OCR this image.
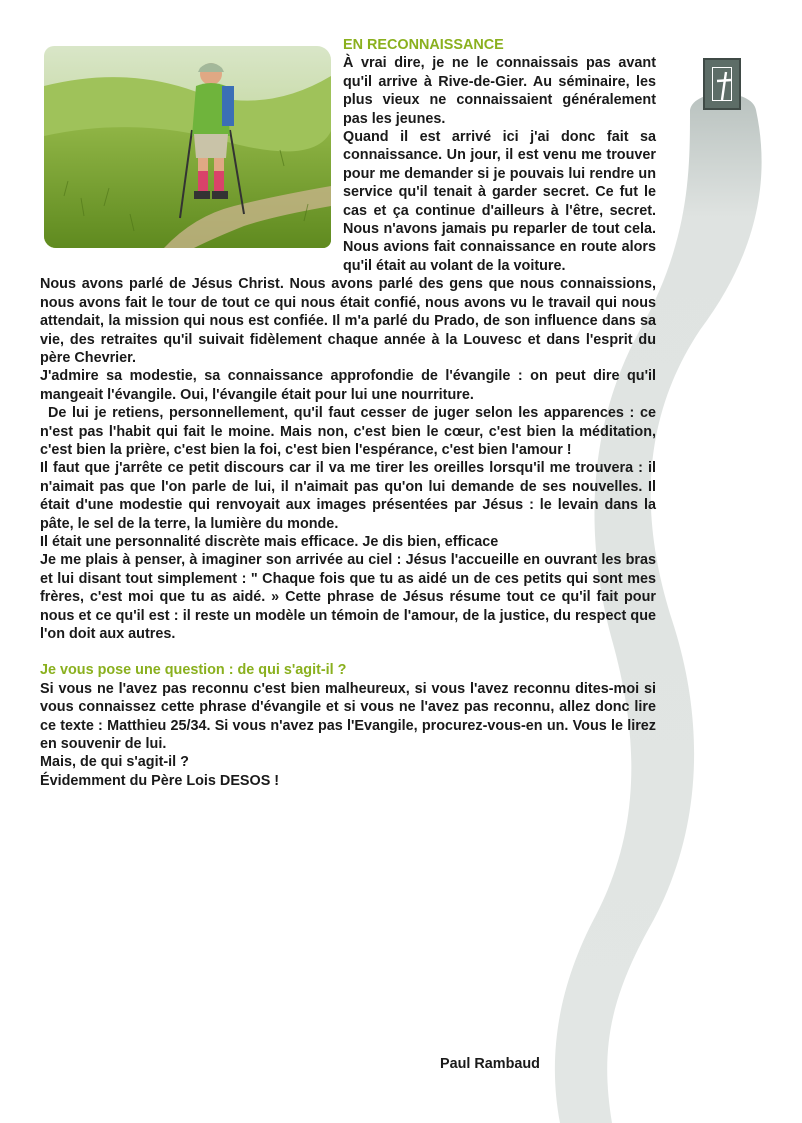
EN RECONNAISSANCE

À vrai dire, je ne le connaissais pas avant qu'il arrive à Rive-de-Gier. Au séminaire, les plus vieux ne connaissaient généralement pas les jeunes.

Quand il est arrivé ici j'ai donc fait sa connaissance. Un jour, il est venu me trouver pour me demander si je pouvais lui rendre un service qu'il tenait à garder secret. Ce fut le cas et ça continue d'ailleurs à l'être, secret. Nous n'avons jamais pu reparler de tout cela. Nous avions fait connaissance en route alors qu'il était au volant de la voiture.

Nous avons parlé de Jésus Christ. Nous avons parlé des gens que nous connaissions, nous avons fait le tour de tout ce qui nous était confié, nous avons vu le travail qui nous attendait, la mission qui nous est confiée. Il m'a parlé du Prado, de son influence dans sa vie, des retraites qu'il suivait fidèlement chaque année à la Louvesc et dans l'esprit du père Chevrier.

J'admire sa modestie, sa connaissance approfondie de l'évangile : on peut dire qu'il mangeait l'évangile. Oui, l'évangile était pour lui une nourriture.

De lui je retiens, personnellement, qu'il faut cesser de juger selon les apparences : ce n'est pas l'habit qui fait le moine. Mais non, c'est bien le cœur, c'est bien la méditation, c'est bien la prière, c'est bien la foi, c'est bien l'espérance, c'est bien l'amour !

Il faut que j'arrête ce petit discours car il va me tirer les oreilles lorsqu'il me trouvera : il n'aimait pas que l'on parle de lui, il n'aimait pas qu'on lui demande de ses nouvelles. Il était d'une modestie qui renvoyait aux images présentées par Jésus : le levain dans la pâte, le sel de la terre, la lumière du monde.

Il était une personnalité discrète mais efficace. Je dis bien, efficace

Je me plais à penser, à imaginer son arrivée au ciel : Jésus l'accueille en ouvrant les bras et lui disant tout simplement : " Chaque fois que tu as aidé un de ces petits qui sont mes frères, c'est moi que tu as aidé. » Cette phrase de Jésus résume tout ce qu'il fait pour nous et ce qu'il est : il reste un modèle un témoin de l'amour, de la justice, du respect que l'on doit aux autres.

Je vous pose une question : de qui s'agit-il ?

Si vous ne l'avez pas reconnu c'est bien malheureux, si vous l'avez reconnu dites-moi si vous connaissez cette phrase d'évangile et si vous ne l'avez pas reconnu, allez donc lire ce texte : Matthieu 25/34. Si vous n'avez pas l'Evangile, procurez-vous-en un. Vous le lirez en souvenir de lui.

Mais, de qui s'agit-il ?

Évidemment du Père Lois DESOS !

Paul Rambaud
